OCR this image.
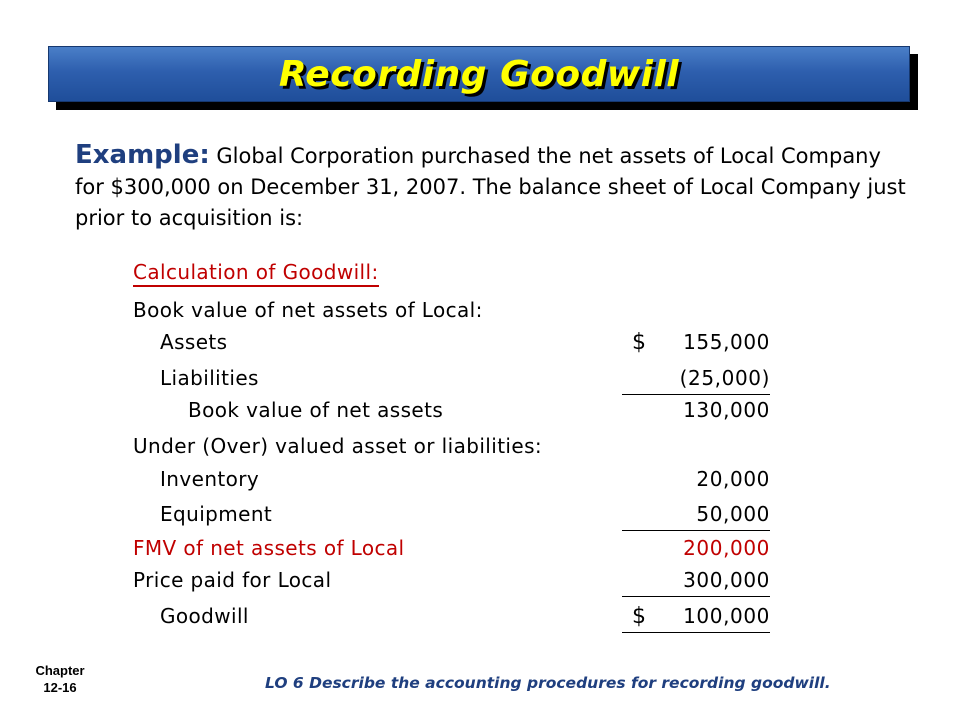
Recording Goodwill
Example: Global Corporation purchased the net assets of Local Company for $300,000 on December 31, 2007. The balance sheet of Local Company just prior to acquisition is:
Calculation of Goodwill:
Book value of net assets of Local:
Assets	$	155,000
Liabilities	(25,000)
Book value of net assets	130,000
Under (Over) valued asset or liabilities:
Inventory	20,000
Equipment	50,000
FMV of net assets of Local	200,000
Price paid for Local	300,000
Goodwill	$	100,000
Chapter
12-16	LO 6 Describe the accounting procedures for recording goodwill.
